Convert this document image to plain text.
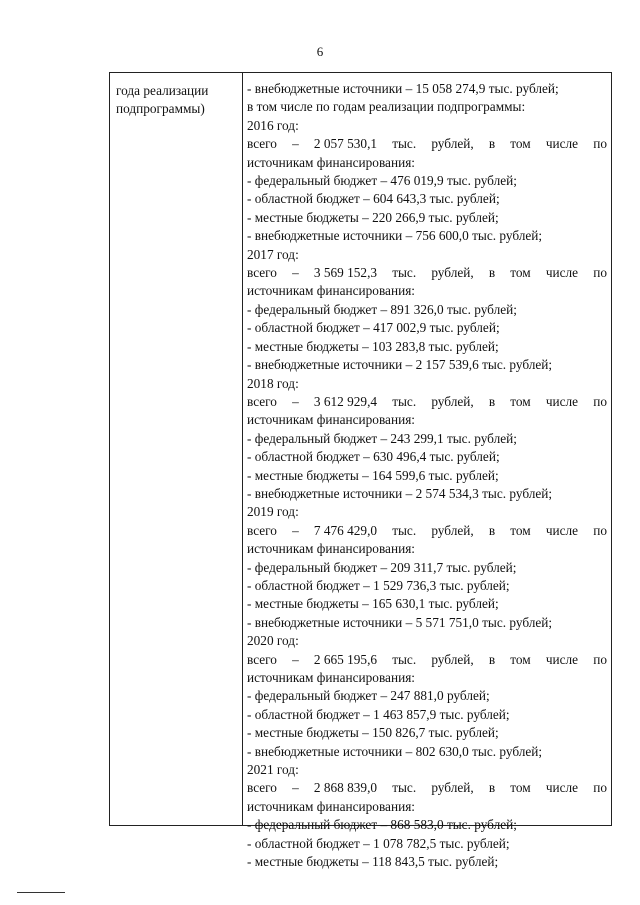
6
года реализации
подпрограммы)
- внебюджетные источники – 15 058 274,9 тыс. рублей;
в том числе по годам реализации подпрограммы:
2016 год:
всего – 2 057 530,1 тыс. рублей, в том числе по
источникам финансирования:
- федеральный бюджет – 476 019,9 тыс. рублей;
- областной бюджет – 604 643,3 тыс. рублей;
- местные бюджеты – 220 266,9 тыс. рублей;
- внебюджетные источники – 756 600,0 тыс. рублей;
2017 год:
всего – 3 569 152,3 тыс. рублей, в том числе по
источникам финансирования:
- федеральный бюджет – 891 326,0 тыс. рублей;
- областной бюджет – 417 002,9 тыс. рублей;
- местные бюджеты – 103 283,8 тыс. рублей;
- внебюджетные источники – 2 157 539,6 тыс. рублей;
2018 год:
всего – 3 612 929,4 тыс. рублей, в том числе по
источникам финансирования:
- федеральный бюджет – 243 299,1 тыс. рублей;
- областной бюджет – 630 496,4 тыс. рублей;
- местные бюджеты – 164 599,6 тыс. рублей;
- внебюджетные источники – 2 574 534,3 тыс. рублей;
2019 год:
всего – 7 476 429,0 тыс. рублей, в том числе по
источникам финансирования:
- федеральный бюджет – 209 311,7 тыс. рублей;
- областной бюджет – 1 529 736,3 тыс. рублей;
- местные бюджеты – 165 630,1 тыс. рублей;
- внебюджетные источники – 5 571 751,0 тыс. рублей;
2020 год:
всего – 2 665 195,6 тыс. рублей, в том числе по
источникам финансирования:
- федеральный бюджет – 247 881,0 рублей;
- областной бюджет – 1 463 857,9 тыс. рублей;
- местные бюджеты – 150 826,7 тыс. рублей;
- внебюджетные источники – 802 630,0 тыс. рублей;
2021 год:
всего – 2 868 839,0 тыс. рублей, в том числе по
источникам финансирования:
- федеральный бюджет – 868 583,0 тыс. рублей;
- областной бюджет – 1 078 782,5 тыс. рублей;
- местные бюджеты – 118 843,5 тыс. рублей;
